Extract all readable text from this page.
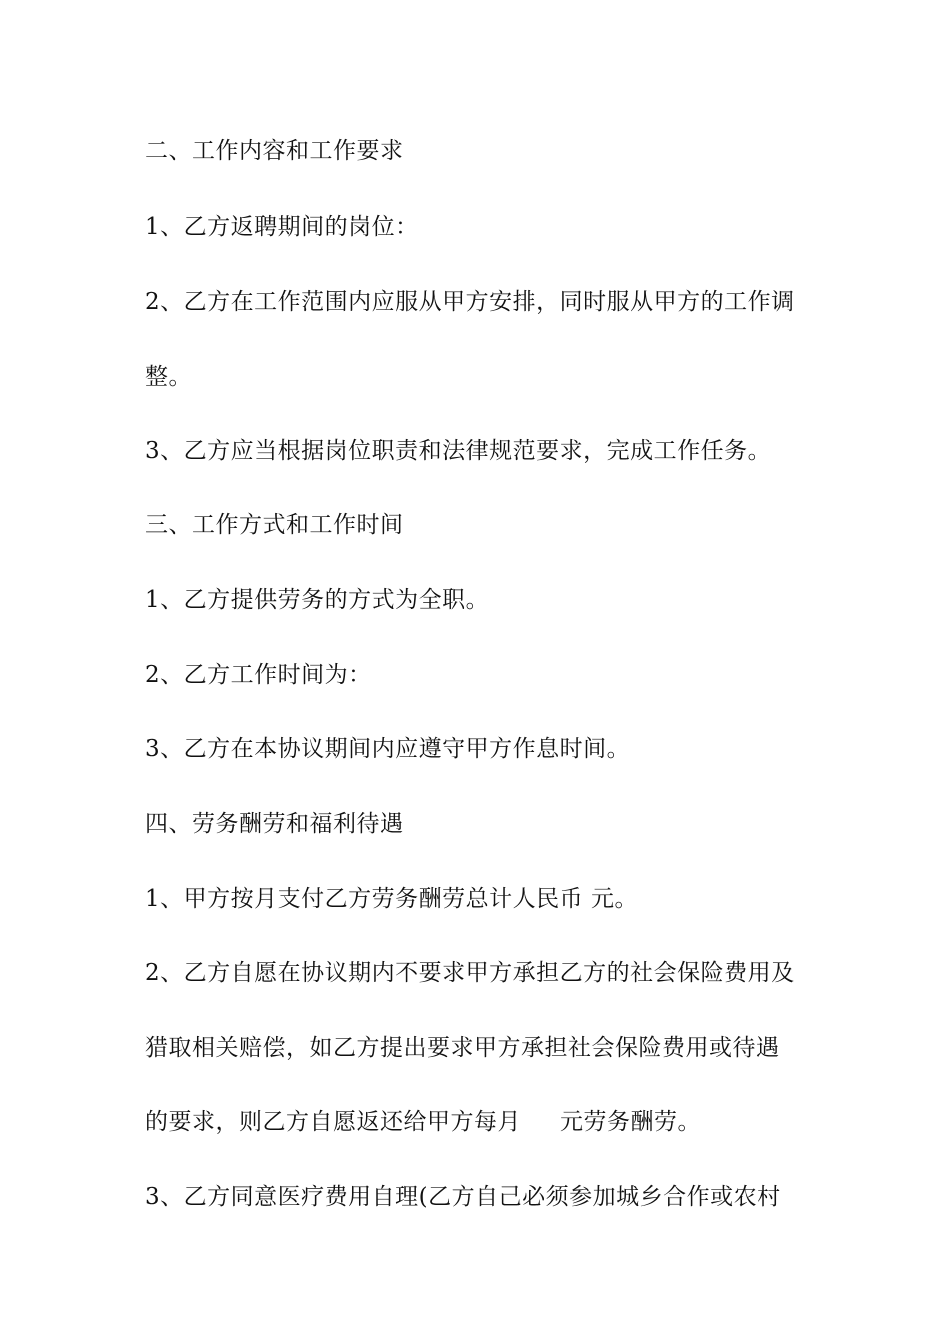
二、工作内容和工作要求
1、乙方返聘期间的岗位：
2、乙方在工作范围内应服从甲方安排，同时服从甲方的工作调
整。
3、乙方应当根据岗位职责和法律规范要求，完成工作任务。
三、工作方式和工作时间
1、乙方提供劳务的方式为全职。
2、乙方工作时间为：
3、乙方在本协议期间内应遵守甲方作息时间。
四、劳务酬劳和福利待遇
1、甲方按月支付乙方劳务酬劳总计人民币 元。
2、乙方自愿在协议期内不要求甲方承担乙方的社会保险费用及
猎取相关赔偿，如乙方提出要求甲方承担社会保险费用或待遇
的要求，则乙方自愿返还给甲方每月     元劳务酬劳。
3、乙方同意医疗费用自理(乙方自己必须参加城乡合作或农村
